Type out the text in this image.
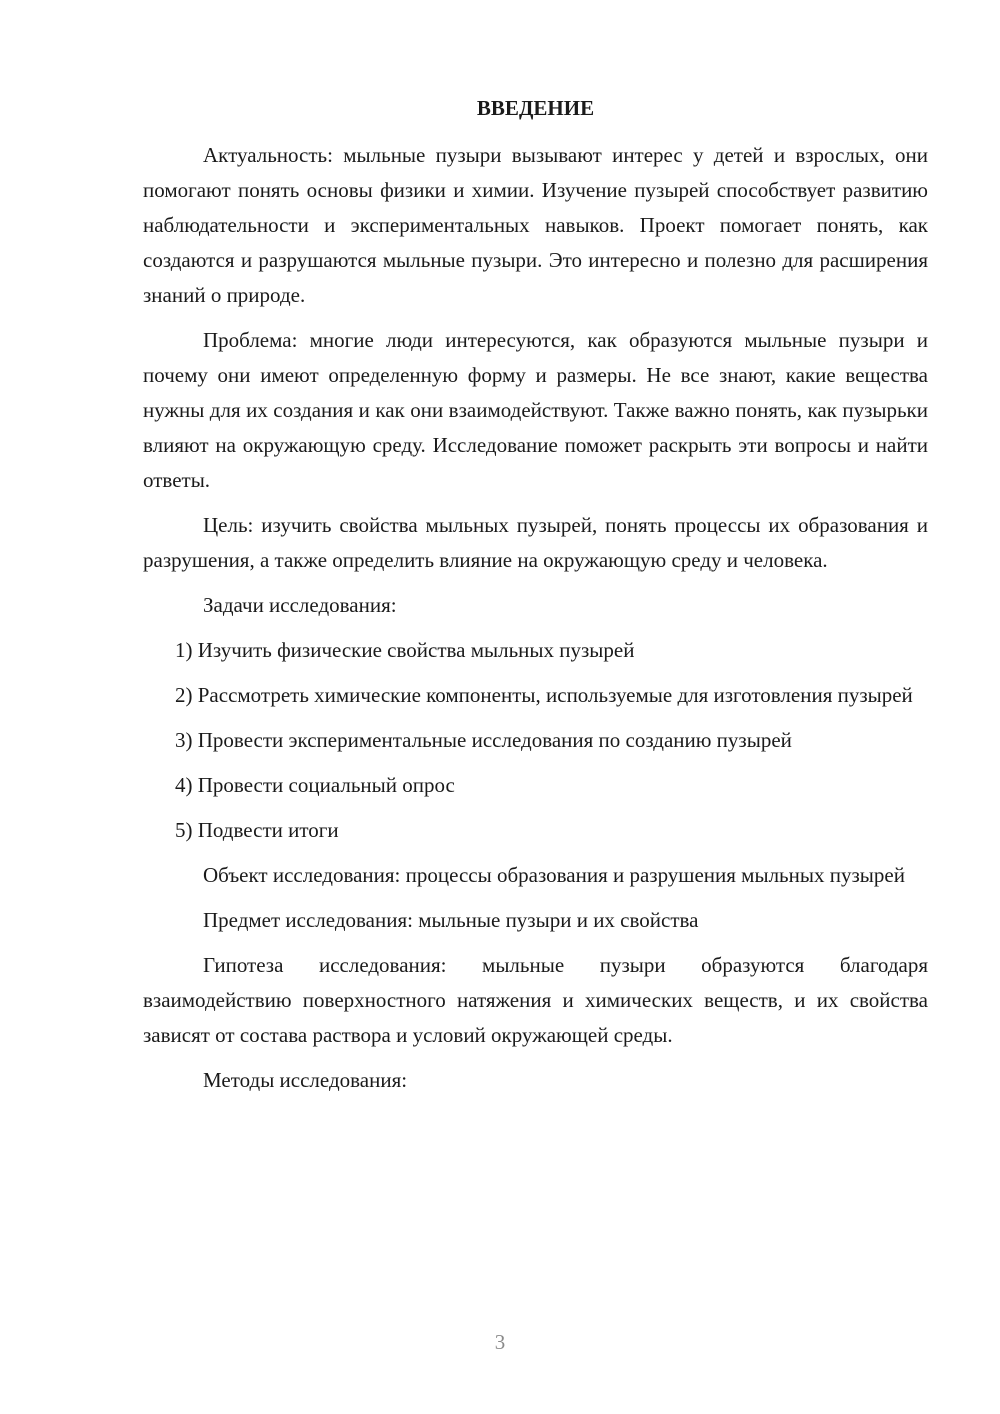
ВВЕДЕНИЕ

Актуальность: мыльные пузыри вызывают интерес у детей и взрослых, они помогают понять основы физики и химии. Изучение пузырей способствует развитию наблюдательности и экспериментальных навыков. Проект помогает понять, как создаются и разрушаются мыльные пузыри. Это интересно и полезно для расширения знаний о природе.

Проблема: многие люди интересуются, как образуются мыльные пузыри и почему они имеют определенную форму и размеры. Не все знают, какие вещества нужны для их создания и как они взаимодействуют. Также важно понять, как пузырьки влияют на окружающую среду. Исследование поможет раскрыть эти вопросы и найти ответы.

Цель: изучить свойства мыльных пузырей, понять процессы их образования и разрушения, а также определить влияние на окружающую среду и человека.

Задачи исследования:

1) Изучить физические свойства мыльных пузырей

2) Рассмотреть химические компоненты, используемые для изготовления пузырей

3) Провести экспериментальные исследования по созданию пузырей

4) Провести социальный опрос

5) Подвести итоги

Объект исследования: процессы образования и разрушения мыльных пузырей

Предмет исследования: мыльные пузыри и их свойства

Гипотеза исследования: мыльные пузыри образуются благодаря взаимодействию поверхностного натяжения и химических веществ, и их свойства зависят от состава раствора и условий окружающей среды.

Методы исследования:

3
